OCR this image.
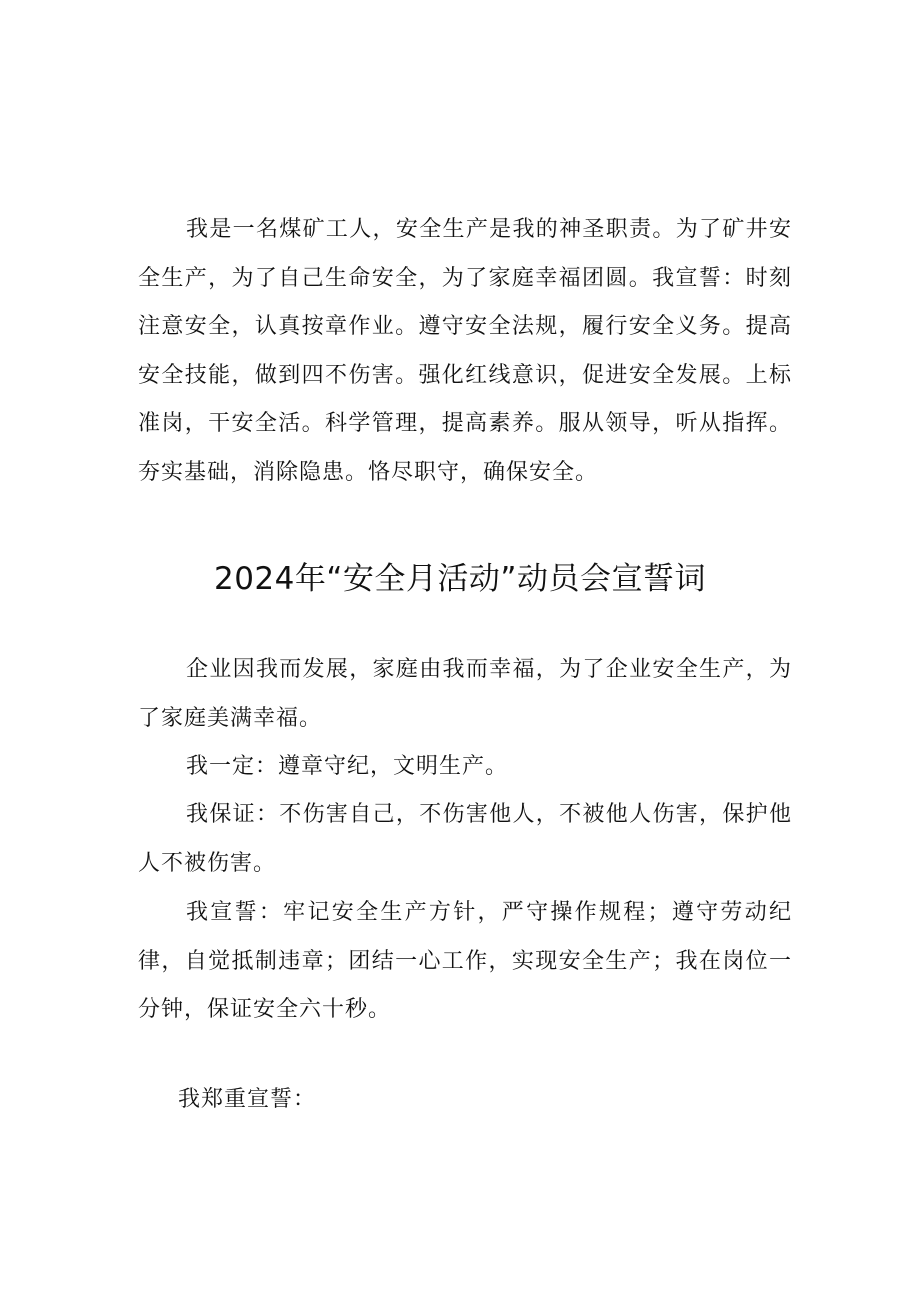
我是一名煤矿工人，安全生产是我的神圣职责。为了矿井安全生产，为了自己生命安全，为了家庭幸福团圆。我宣誓：时刻注意安全，认真按章作业。遵守安全法规，履行安全义务。提高安全技能，做到四不伤害。强化红线意识，促进安全发展。上标准岗，干安全活。科学管理，提高素养。服从领导，听从指挥。夯实基础，消除隐患。恪尽职守，确保安全。

2024年“安全月活动”动员会宣誓词

企业因我而发展，家庭由我而幸福，为了企业安全生产，为了家庭美满幸福。

我一定：遵章守纪，文明生产。

我保证：不伤害自己，不伤害他人，不被他人伤害，保护他人不被伤害。

我宣誓：牢记安全生产方针，严守操作规程；遵守劳动纪律，自觉抵制违章；团结一心工作，实现安全生产；我在岗位一分钟，保证安全六十秒。

我郑重宣誓：
